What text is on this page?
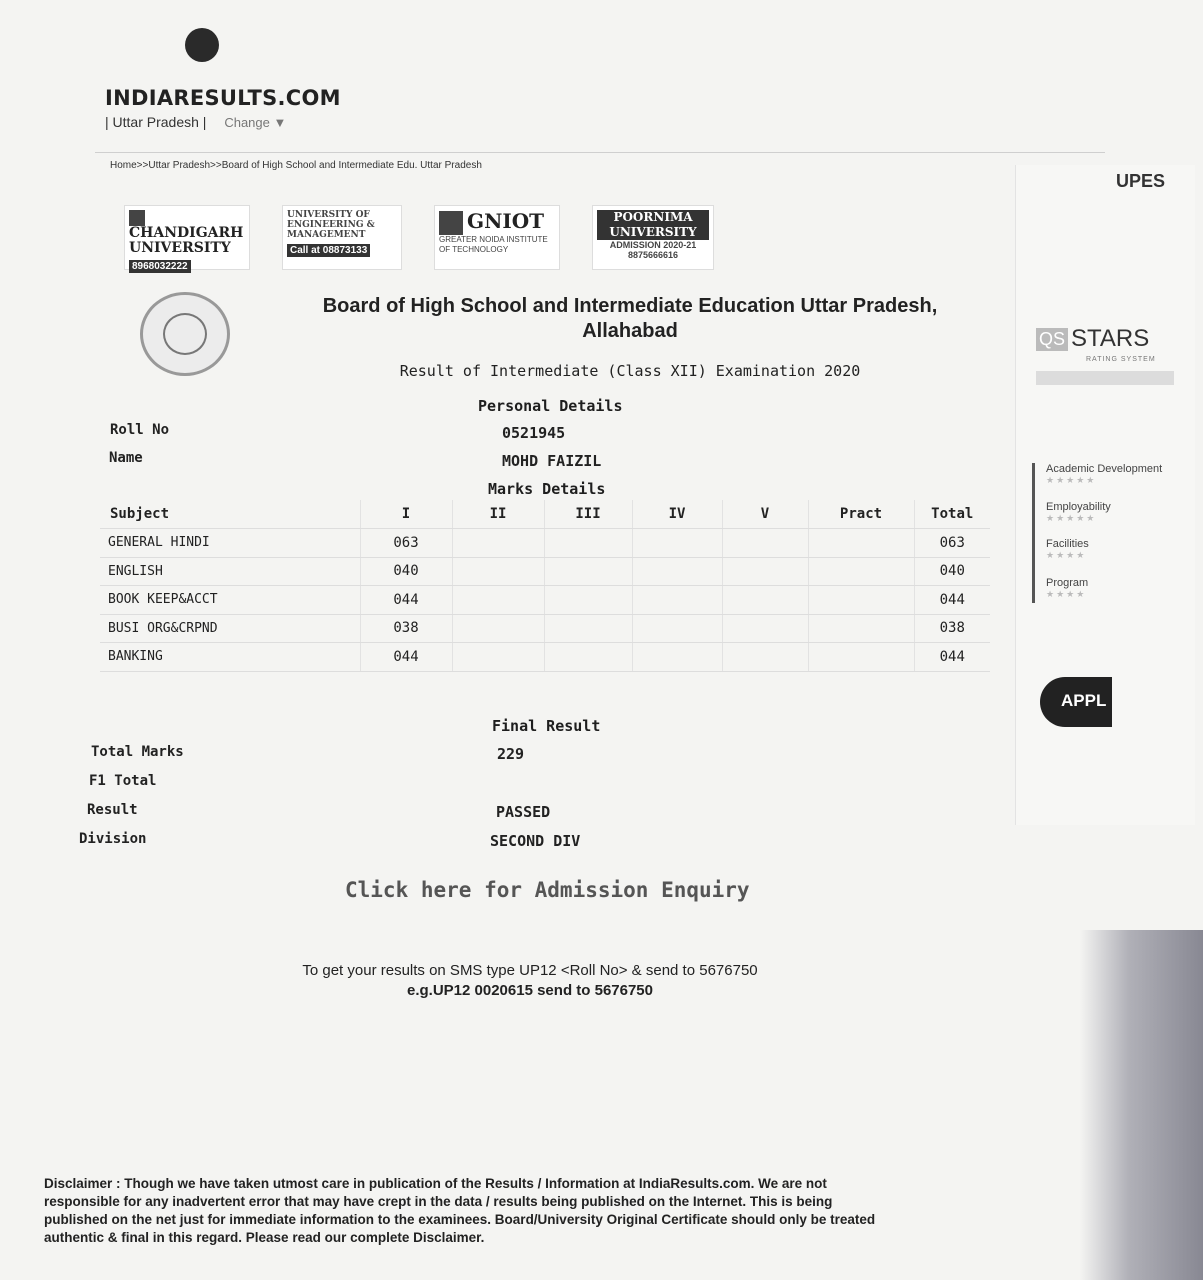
INDIARESULTS.COM
| Uttar Pradesh | Change ▼
Home>>Uttar Pradesh>>Board of High School and Intermediate Edu. Uttar Pradesh
CHANDIGARH UNIVERSITY
8968032222
UNIVERSITY OF ENGINEERING & MANAGEMENT
Call at 08873133
GNIOT
GREATER NOIDA INSTITUTE OF TECHNOLOGY
POORNIMA UNIVERSITY
ADMISSION 2020-21
8875666616
Board of High School and Intermediate Education Uttar Pradesh, Allahabad
Result of Intermediate (Class XII) Examination 2020
Personal Details
Roll No	0521945
Name	MOHD FAIZIL
Marks Details
Subject	I	II	III	IV	V	Pract	Total
GENERAL HINDI	063						063
ENGLISH	040						040
BOOK KEEP&ACCT	044						044
BUSI ORG&CRPND	038						038
BANKING	044						044
Final Result
Total Marks	229
F1 Total
Result	PASSED
Division	SECOND DIV
Click here for Admission Enquiry
To get your results on SMS type UP12 <Roll No> & send to 5676750
e.g.UP12 0020615 send to 5676750
Disclaimer : Though we have taken utmost care in publication of the Results / Information at IndiaResults.com. We are not responsible for any inadvertent error that may have crept in the data / results being published on the Internet. This is being published on the net just for immediate information to the examinees. Board/University Original Certificate should only be treated authentic & final in this regard. Please read our complete Disclaimer.
UPES
QS STARS
RATING SYSTEM
Academic Development
★★★★★
Employability
★★★★★
Facilities
★★★★
Program
★★★★
APPL
